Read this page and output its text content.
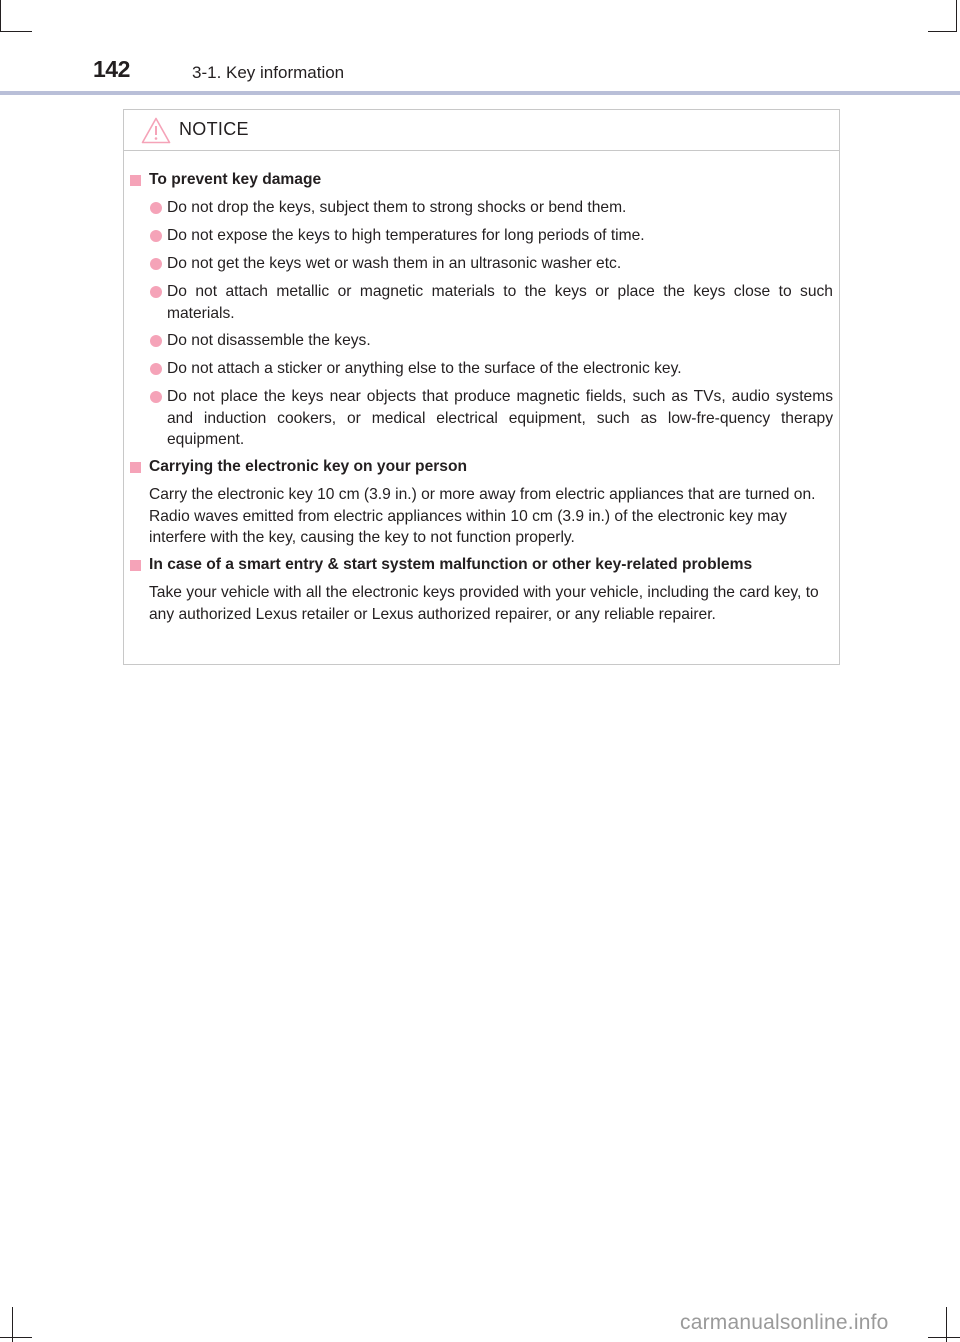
142	3-1. Key information
NOTICE
To prevent key damage
Do not drop the keys, subject them to strong shocks or bend them.
Do not expose the keys to high temperatures for long periods of time.
Do not get the keys wet or wash them in an ultrasonic washer etc.
Do not attach metallic or magnetic materials to the keys or place the keys close to such materials.
Do not disassemble the keys.
Do not attach a sticker or anything else to the surface of the electronic key.
Do not place the keys near objects that produce magnetic fields, such as TVs, audio systems and induction cookers, or medical electrical equipment, such as low-fre-quency therapy equipment.
Carrying the electronic key on your person
Carry the electronic key 10 cm (3.9 in.) or more away from electric appliances that are turned on. Radio waves emitted from electric appliances within 10 cm (3.9 in.) of the electronic key may interfere with the key, causing the key to not function properly.
In case of a smart entry & start system malfunction or other key-related problems
Take your vehicle with all the electronic keys provided with your vehicle, including the card key, to any authorized Lexus retailer or Lexus authorized repairer, or any reliable repairer.
carmanualsonline.info
